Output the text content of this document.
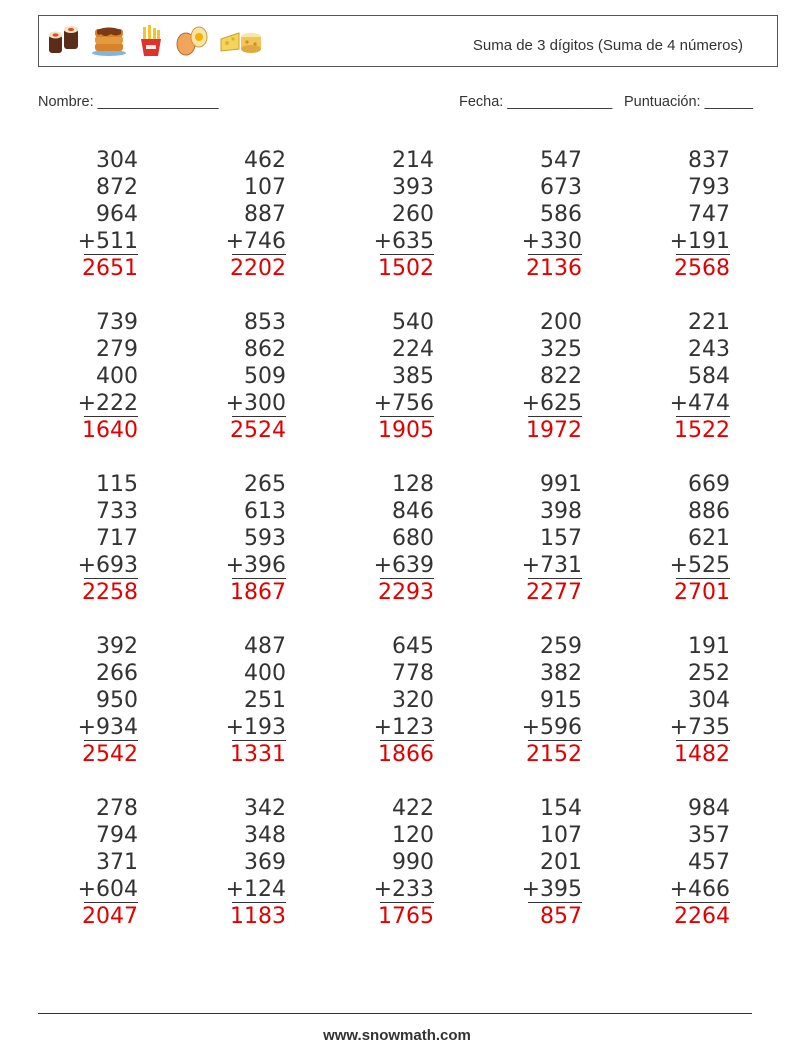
Suma de 3 dígitos (Suma de 4 números)
Nombre: _______________	Fecha: _____________ Puntuación: ______
304
872
964
+511
2651
462
107
887
+746
2202
214
393
260
+635
1502
547
673
586
+330
2136
837
793
747
+191
2568
739
279
400
+222
1640
853
862
509
+300
2524
540
224
385
+756
1905
200
325
822
+625
1972
221
243
584
+474
1522
115
733
717
+693
2258
265
613
593
+396
1867
128
846
680
+639
2293
991
398
157
+731
2277
669
886
621
+525
2701
392
266
950
+934
2542
487
400
251
+193
1331
645
778
320
+123
1866
259
382
915
+596
2152
191
252
304
+735
1482
278
794
371
+604
2047
342
348
369
+124
1183
422
120
990
+233
1765
154
107
201
+395
857
984
357
457
+466
2264
www.snowmath.com
